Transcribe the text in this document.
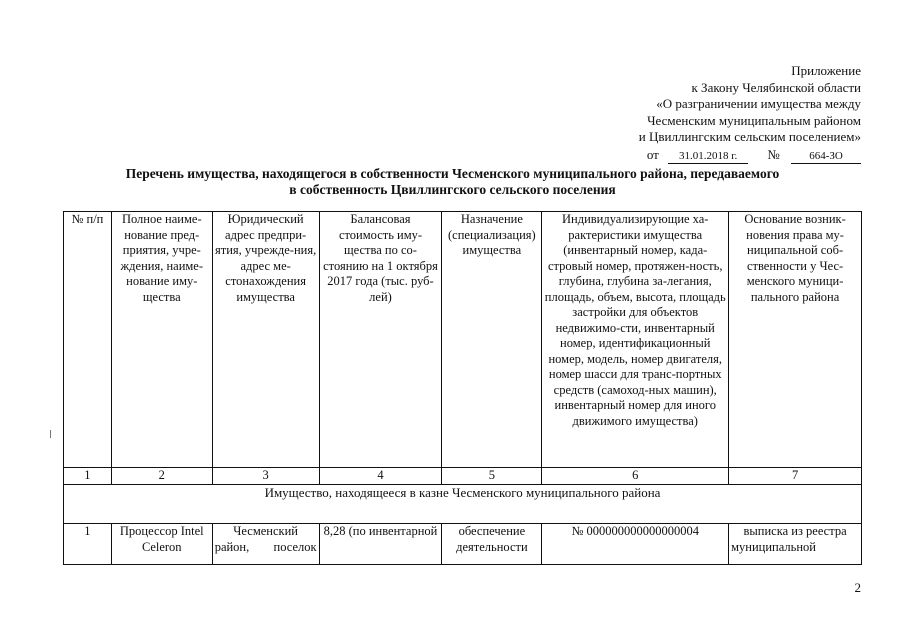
Приложение
к Закону Челябинской области
«О разграничении имущества между
Чесменским муниципальным районом
и Цвиллингским сельским поселением»
от 31.01.2018 г. №	664-ЗО
Перечень имущества, находящегося в собственности Чесменского муниципального района, передаваемого
в собственность Цвиллингского сельского поселения
№ п/п	Полное наиме-нование пред-приятия, учре-ждения, наиме-нование иму-щества	Юридический адрес предпри-ятия, учрежде-ния, адрес ме-стонахождения имущества	Балансовая стоимость иму-щества по со-стоянию на 1 октября 2017 года (тыс. руб-лей)	Назначение (специализация) имущества	Индивидуализирующие ха-рактеристики имущества (инвентарный номер, када-стровый номер, протяжен-ность, глубина, глубина за-легания, площадь, объем, высота, площадь застройки для объектов недвижимо-сти, инвентарный номер, идентификационный номер, модель, номер двигателя, номер шасси для транс-портных средств (самоход-ных машин), инвентарный номер для иного движимого имущества)	Основание возник-новения права му-ниципальной соб-ственности у Чес-менского муници-пального района
1	2	3	4	5	6	7
Имущество, находящееся в казне Чесменского муниципального района						
1	Процессор Intel Celeron	Чесменский район, поселок	8,28 (по инвентарной	обеспечение деятельности	№ 000000000000000004	выписка из реестра муниципальной
2
